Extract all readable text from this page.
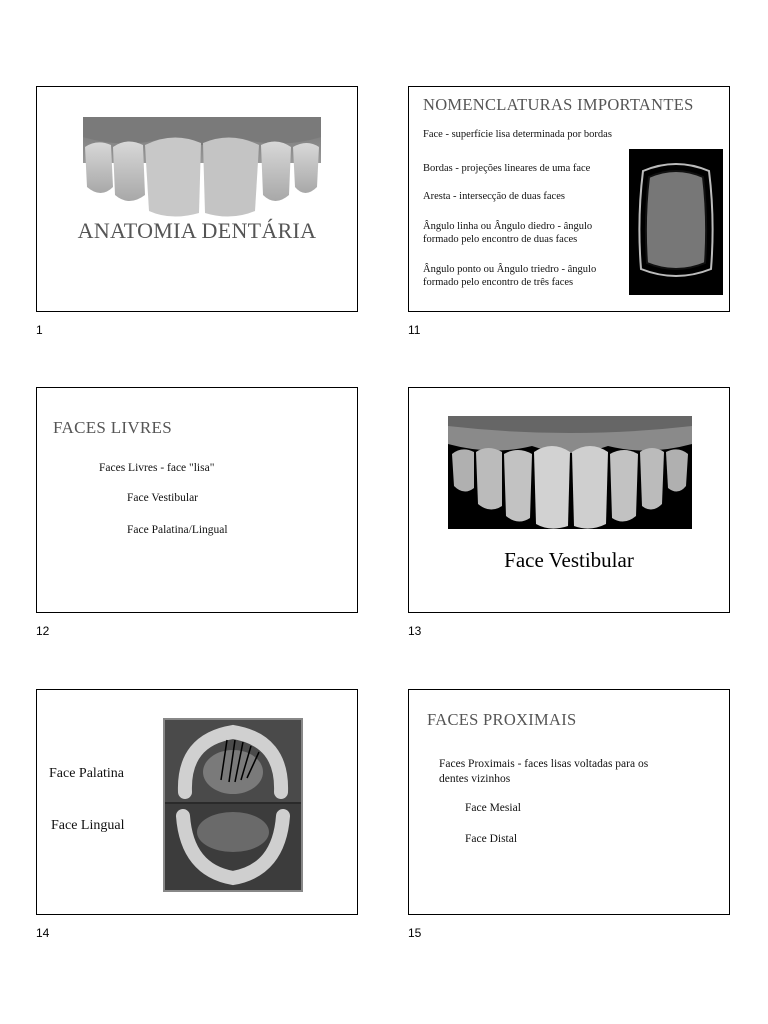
ANATOMIA DENTÁRIA
1
NOMENCLATURAS IMPORTANTES
Face - superfície lisa determinada por bordas
Bordas - projeções lineares de uma face
Aresta - intersecção de duas faces
Ângulo linha ou Ângulo diedro - ângulo
formado pelo encontro de duas faces
Ângulo ponto ou Ângulo triedro - ângulo
formado pelo encontro de três faces
11
FACES LIVRES
Faces Livres - face "lisa"
Face Vestibular
Face Palatina/Lingual
12
Face Vestibular
13
Face Palatina
Face Lingual
14
FACES PROXIMAIS
Faces Proximais - faces lisas voltadas para os
dentes vizinhos
Face Mesial
Face Distal
15
